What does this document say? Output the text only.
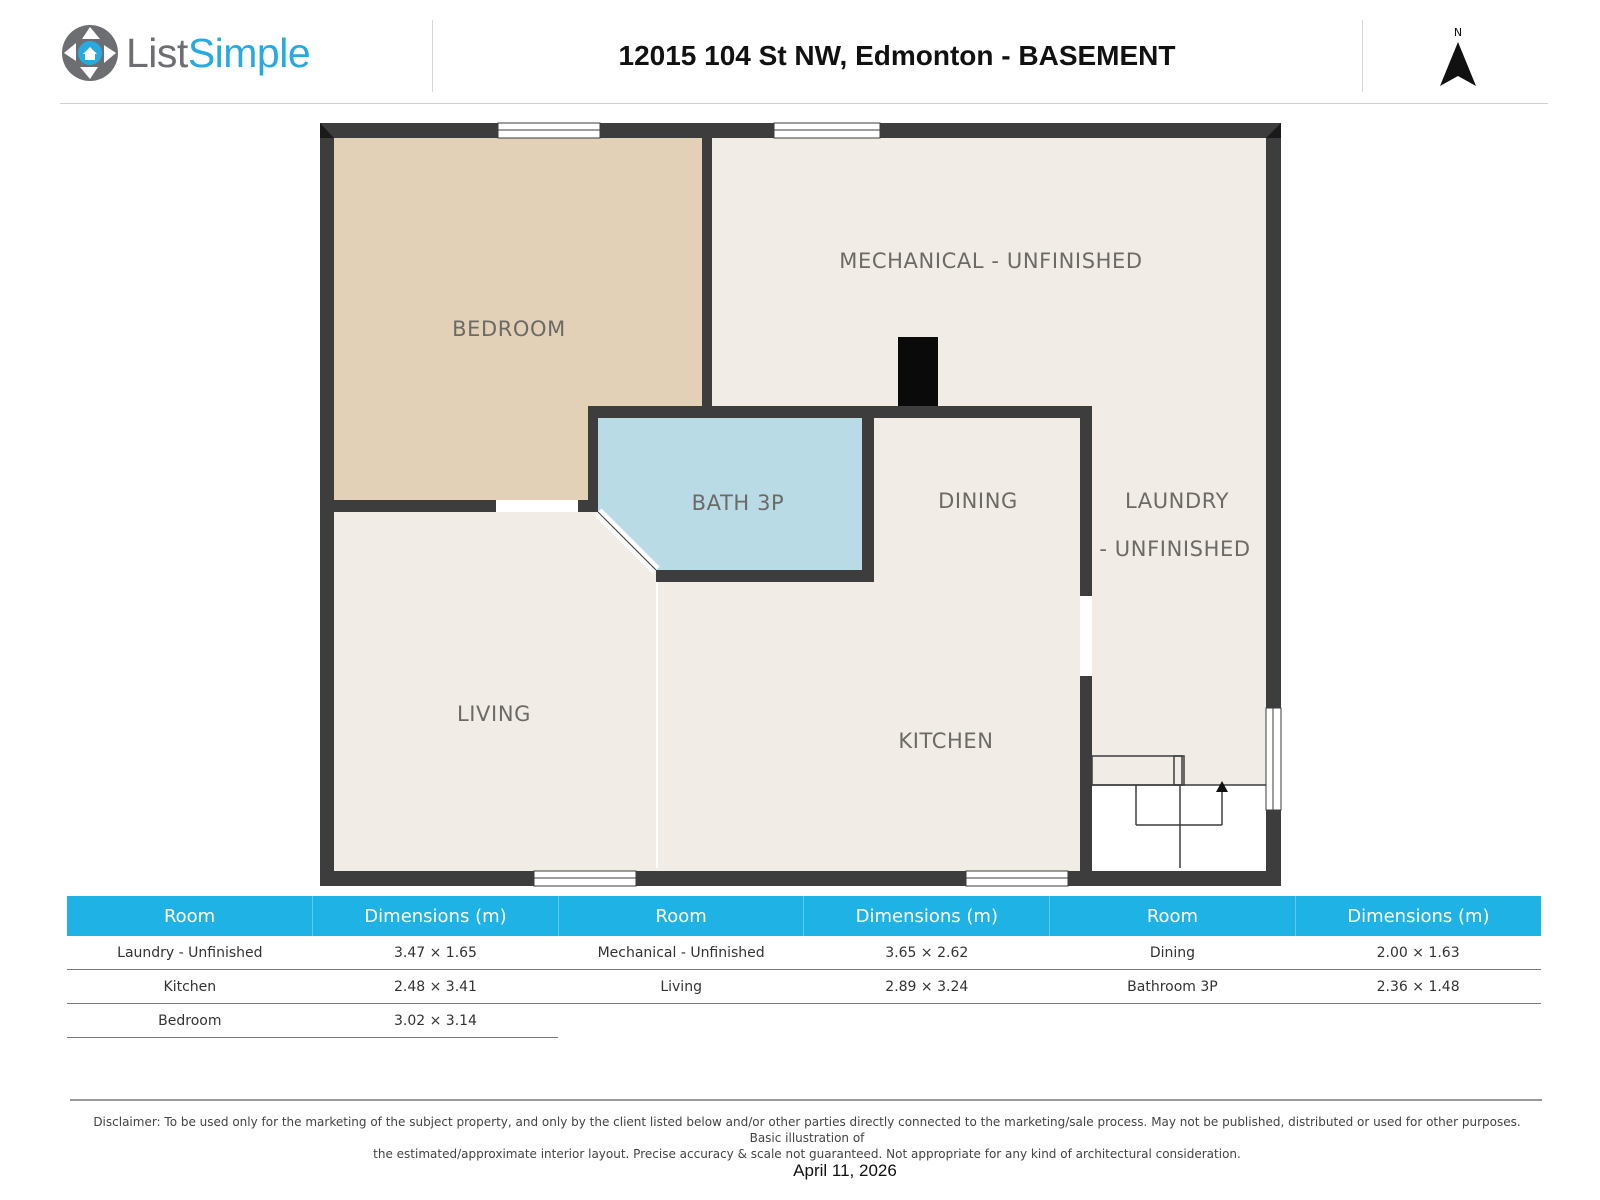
ListSimple	12015 104 St NW, Edmonton - BASEMENT
N
BEDROOM
MECHANICAL - UNFINISHED
BATH 3P	DINING	LAUNDRY
- UNFINISHED
LIVING
KITCHEN
Room	Dimensions (m)	Room	Dimensions (m)	Room	Dimensions (m)
Laundry - Unfinished	3.47 × 1.65	Mechanical - Unfinished	3.65 × 2.62	Dining	2.00 × 1.63
Kitchen	2.48 × 3.41	Living	2.89 × 3.24	Bathroom 3P	2.36 × 1.48
Bedroom	3.02 × 3.14				
Disclaimer: To be used only for the marketing of the subject property, and only by the client listed below and/or other parties directly connected to the marketing/sale process. May not be published, distributed or used for other purposes. Basic illustration of
the estimated/approximate interior layout. Precise accuracy & scale not guaranteed. Not appropriate for any kind of architectural consideration.
April 11, 2026
